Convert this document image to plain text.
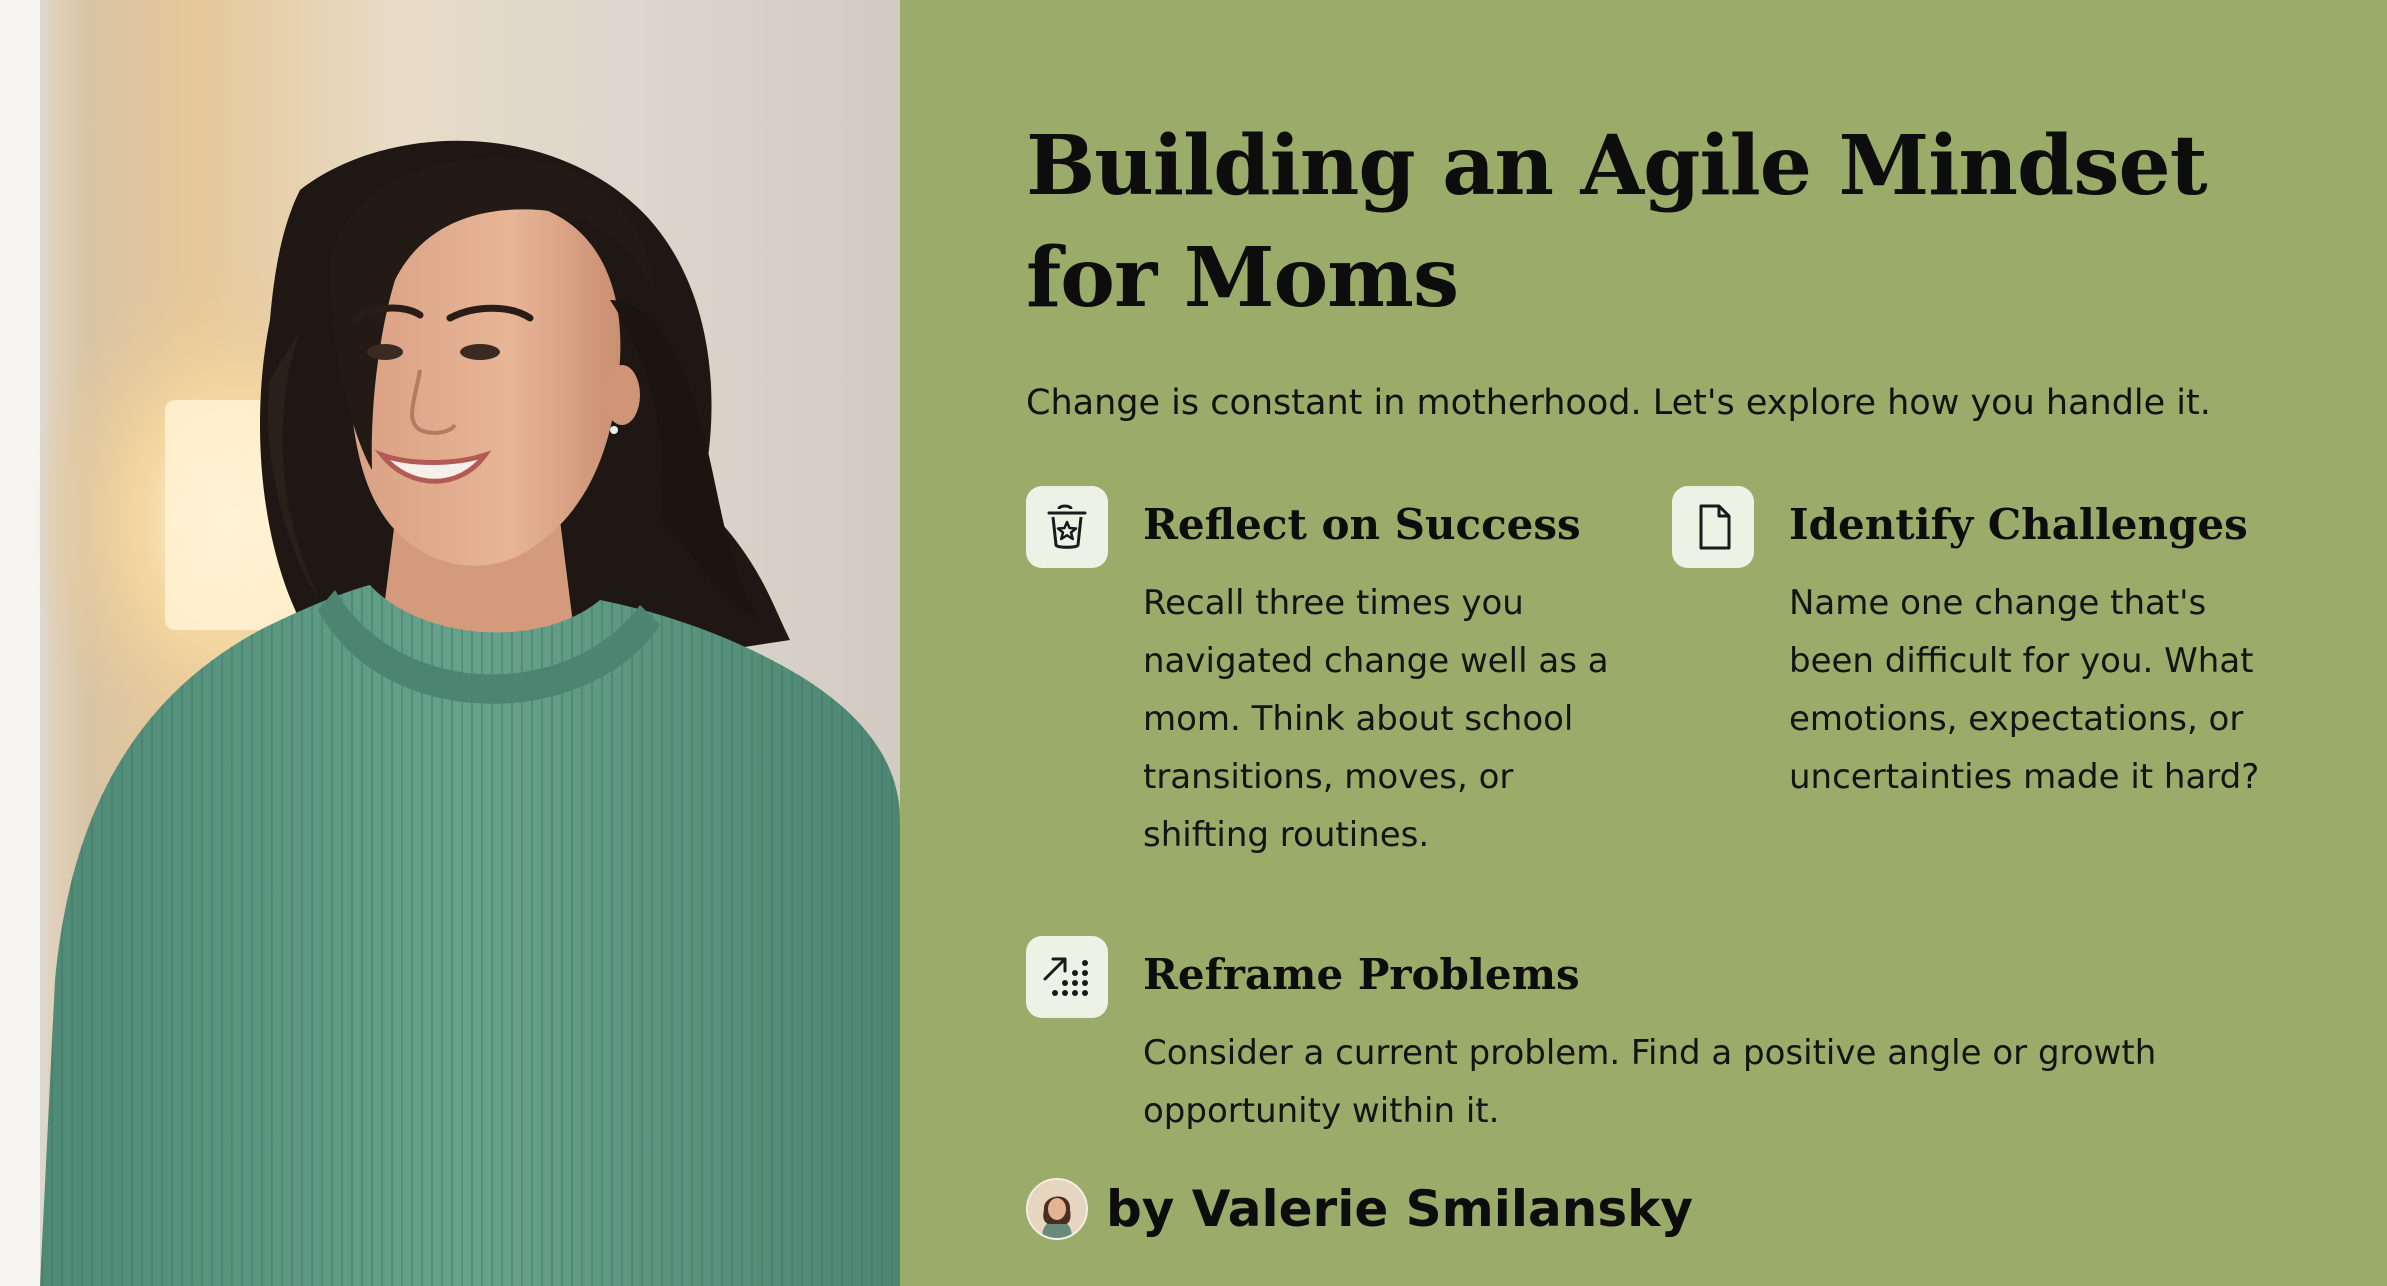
Building an Agile Mindset for Moms
Change is constant in motherhood. Let's explore how you handle it.
Reflect on Success
Recall three times you navigated change well as a mom. Think about school transitions, moves, or shifting routines.
Identify Challenges
Name one change that's been difficult for you. What emotions, expectations, or uncertainties made it hard?
Reframe Problems
Consider a current problem. Find a positive angle or growth opportunity within it.
by Valerie Smilansky
